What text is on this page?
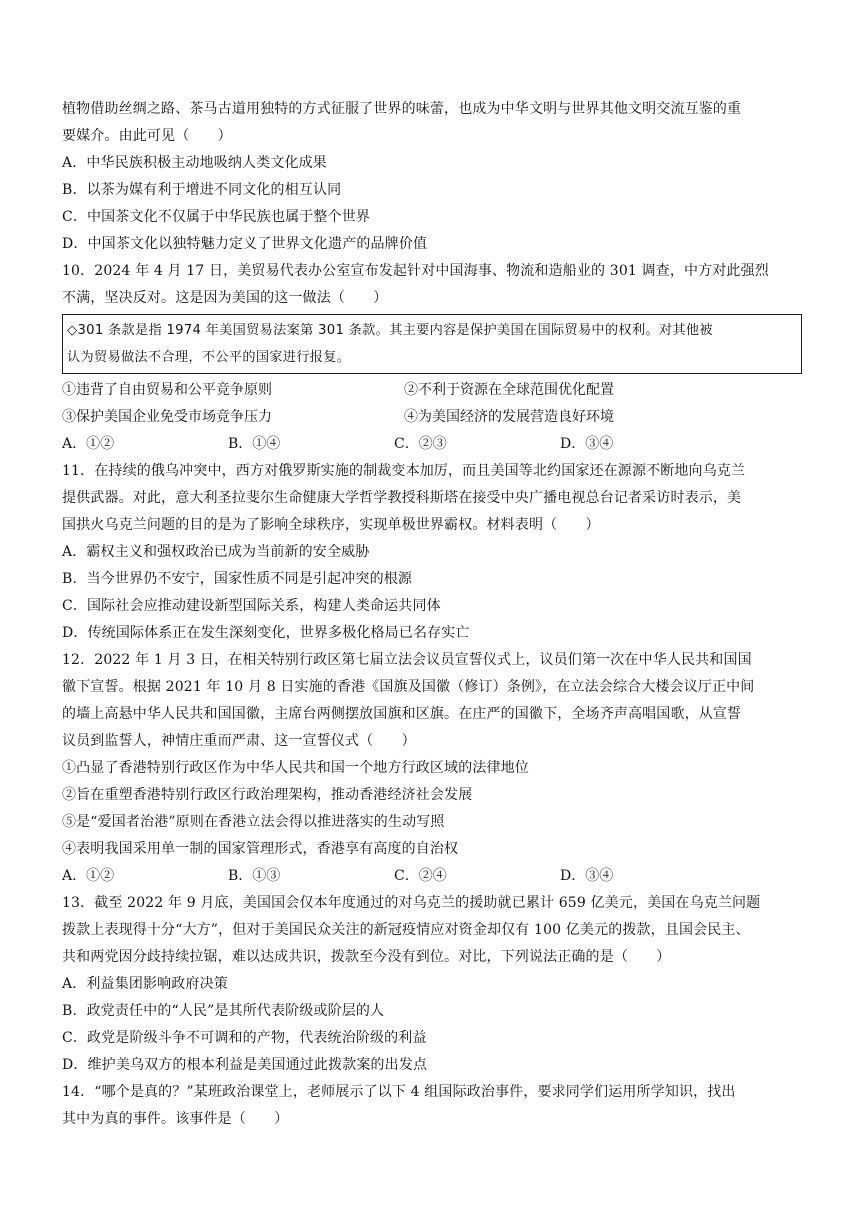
植物借助丝绸之路、茶马古道用独特的方式征服了世界的味蕾，也成为中华文明与世界其他文明交流互鉴的重
要媒介。由此可见（　　）
A．中华民族积极主动地吸纳人类文化成果
B．以茶为媒有利于增进不同文化的相互认同
C．中国茶文化不仅属于中华民族也属于整个世界
D．中国茶文化以独特魅力定义了世界文化遗产的品牌价值
10．2024 年 4 月 17 日，美贸易代表办公室宣布发起针对中国海事、物流和造船业的 301 调查，中方对此强烈
不满，坚决反对。这是因为美国的这一做法（　　）
◇301 条款是指 1974 年美国贸易法案第 301 条款。其主要内容是保护美国在国际贸易中的权利。对其他被
认为贸易做法不合理，不公平的国家进行报复。
①违背了自由贸易和公平竞争原则	②不利于资源在全球范围优化配置
③保护美国企业免受市场竞争压力	④为美国经济的发展营造良好环境
A．①②	B．①④	C．②③	D．③④
11．在持续的俄乌冲突中，西方对俄罗斯实施的制裁变本加厉，而且美国等北约国家还在源源不断地向乌克兰
提供武器。对此，意大利圣拉斐尔生命健康大学哲学教授科斯塔在接受中央广播电视总台记者采访时表示，美
国拱火乌克兰问题的目的是为了影响全球秩序，实现单极世界霸权。材料表明（　　）
A．霸权主义和强权政治已成为当前新的安全威胁
B．当今世界仍不安宁，国家性质不同是引起冲突的根源
C．国际社会应推动建设新型国际关系，构建人类命运共同体
D．传统国际体系正在发生深刻变化，世界多极化格局已名存实亡
12．2022 年 1 月 3 日，在相关特别行政区第七届立法会议员宣誓仪式上，议员们第一次在中华人民共和国国
徽下宣誓。根据 2021 年 10 月 8 日实施的香港《国旗及国徽（修订）条例》，在立法会综合大楼会议厅正中间
的墙上高悬中华人民共和国国徽，主席台两侧摆放国旗和区旗。在庄严的国徽下，全场齐声高唱国歌，从宣誓
议员到监誓人，神情庄重而严肃、这一宣誓仪式（　　）
①凸显了香港特别行政区作为中华人民共和国一个地方行政区域的法律地位
②旨在重塑香港特别行政区行政治理架构，推动香港经济社会发展
⑤是“爱国者治港”原则在香港立法会得以推进落实的生动写照
④表明我国采用单一制的国家管理形式，香港享有高度的自治权
A．①②	B．①③	C．②④	D．③④
13．截至 2022 年 9 月底，美国国会仅本年度通过的对乌克兰的援助就已累计 659 亿美元，美国在乌克兰问题
拨款上表现得十分“大方”，但对于美国民众关注的新冠疫情应对资金却仅有 100 亿美元的拨款，且国会民主、
共和两党因分歧持续拉锯，难以达成共识，拨款至今没有到位。对比，下列说法正确的是（　　）
A．利益集团影响政府决策
B．政党责任中的“人民”是其所代表阶级或阶层的人
C．政党是阶级斗争不可调和的产物，代表统治阶级的利益
D．维护美乌双方的根本利益是美国通过此拨款案的出发点
14．“哪个是真的？”某班政治课堂上，老师展示了以下 4 组国际政治事件，要求同学们运用所学知识，找出
其中为真的事件。该事件是（　　）
